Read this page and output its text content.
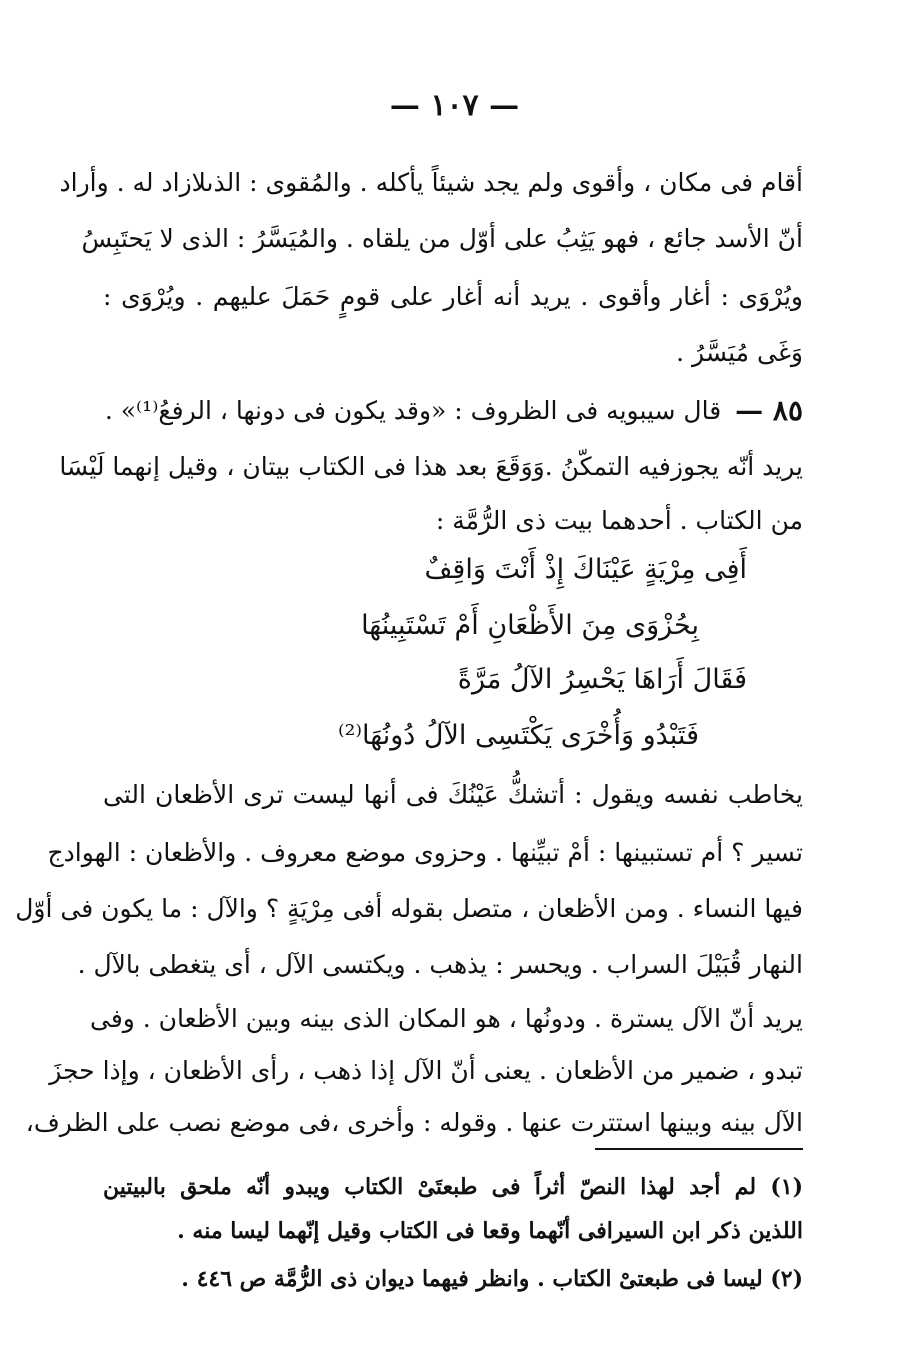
— ١٠٧ —
أقام فى مكان ، وأقوى ولم يجد شيئاً يأكله . والمُقوى : الذىلازاد له . وأراد
أنّ الأسد جائع ، فهو يَثِبُ على أوّل من يلقاه . والمُيَسَّرُ : الذى لا يَحتَبِسُ
ويُرْوَى : أغار وأقوى . يريد أنه أغار على قومٍ حَمَلَ عليهم . ويُرْوَى :
وَغَى مُيَسَّرُ .
٨٥ —
قال سيبويه فى الظروف : «وقد يكون فى دونها ، الرفعُ⁽¹⁾» .
يريد أنّه يجوزفيه التمكّنُ .وَوَقَعَ بعد هذا فى الكتاب بيتان ، وقيل إنهما لَيْسَا
من الكتاب . أحدهما بيت ذى الرُّمَّة :
أَفِى مِرْيَةٍ عَيْنَاكَ إِذْ أَنْتَ وَاقِفٌ
بِحُزْوَى مِنَ الأَظْعَانِ أَمْ تَسْتَبِينُهَا
فَقَالَ أَرَاهَا يَحْسِرُ الآلُ مَرَّةً
فَتَبْدُو وَأُخْرَى يَكْتَسِى الآلُ دُونُهَا⁽²⁾
يخاطب نفسه ويقول : أتشكُّ عَيْنُكَ فى أنها ليست ترى الأظعان التى
تسير ؟ أم تستبينها : أمْ تبيِّنها . وحزوى موضع معروف . والأظعان : الهوادج
فيها النساء . ومن الأظعان ، متصل بقوله أفى مِرْيَةٍ ؟ والآل : ما يكون فى أوّل
النهار قُبَيْلَ السراب . ويحسر : يذهب . ويكتسى الآل ، أى يتغطى بالآل .
يريد أنّ الآل يسترة . ودونُها ، هو المكان الذى بينه وبين الأظعان . وفى
تبدو ، ضمير من الأظعان . يعنى أنّ الآل إذا ذهب ، رأى الأظعان ، وإذا حجزَ
الآل بينه وبينها استترت عنها . وقوله : وأخرى ،فى موضع نصب على الظرف،
(١) لم أجد لهذا النصّ أثراً فى طبعتَىْ الكتاب ويبدو أنّه ملحق بالبيتين
اللذين ذكر ابن السيرافى أنّهما وقعا فى الكتاب وقيل إنّهما ليسا منه .
(٢) ليسا فى طبعتىْ الكتاب . وانظر فيهما ديوان ذى الرُّمَّة ص ٤٤٦ .
